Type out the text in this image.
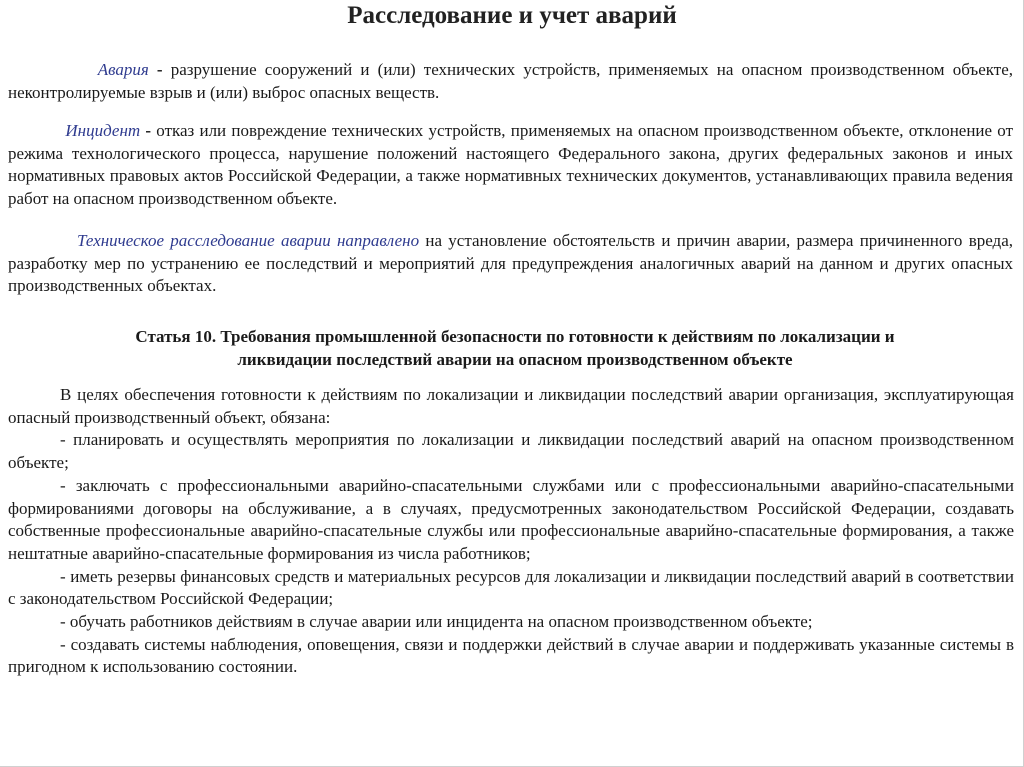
Расследование и учет аварий
Авария - разрушение сооружений и (или) технических устройств, применяемых на опасном производственном объекте, неконтролируемые взрыв и (или) выброс опасных веществ.
Инцидент - отказ или повреждение технических устройств, применяемых на опасном производственном объекте, отклонение от режима технологического процесса, нарушение положений настоящего Федерального закона, других федеральных законов и иных нормативных правовых актов Российской Федерации, а также нормативных технических документов, устанавливающих правила ведения работ на опасном производственном объекте.
Техническое расследование аварии направлено на установление обстоятельств и причин аварии, размера причиненного вреда, разработку мер по устранению ее последствий и мероприятий для предупреждения аналогичных аварий на данном и других опасных производственных объектах.
Статья 10. Требования промышленной безопасности по готовности к действиям по локализации и
ликвидации последствий аварии на опасном производственном объекте

В целях обеспечения готовности к действиям по локализации и ликвидации последствий аварии организация, эксплуатирующая опасный производственный объект, обязана:

- планировать и осуществлять мероприятия по локализации и ликвидации последствий аварий на опасном производственном объекте;

- заключать с профессиональными аварийно-спасательными службами или с профессиональными аварийно-спасательными формированиями договоры на обслуживание, а в случаях, предусмотренных законодательством Российской Федерации, создавать собственные профессиональные аварийно-спасательные службы или профессиональные аварийно-спасательные формирования, а также нештатные аварийно-спасательные формирования из числа работников;

- иметь резервы финансовых средств и материальных ресурсов для локализации и ликвидации последствий аварий в соответствии с законодательством Российской Федерации;

- обучать работников действиям в случае аварии или инцидента на опасном производственном объекте;

- создавать системы наблюдения, оповещения, связи и поддержки действий в случае аварии и поддерживать указанные системы в пригодном к использованию состоянии.
